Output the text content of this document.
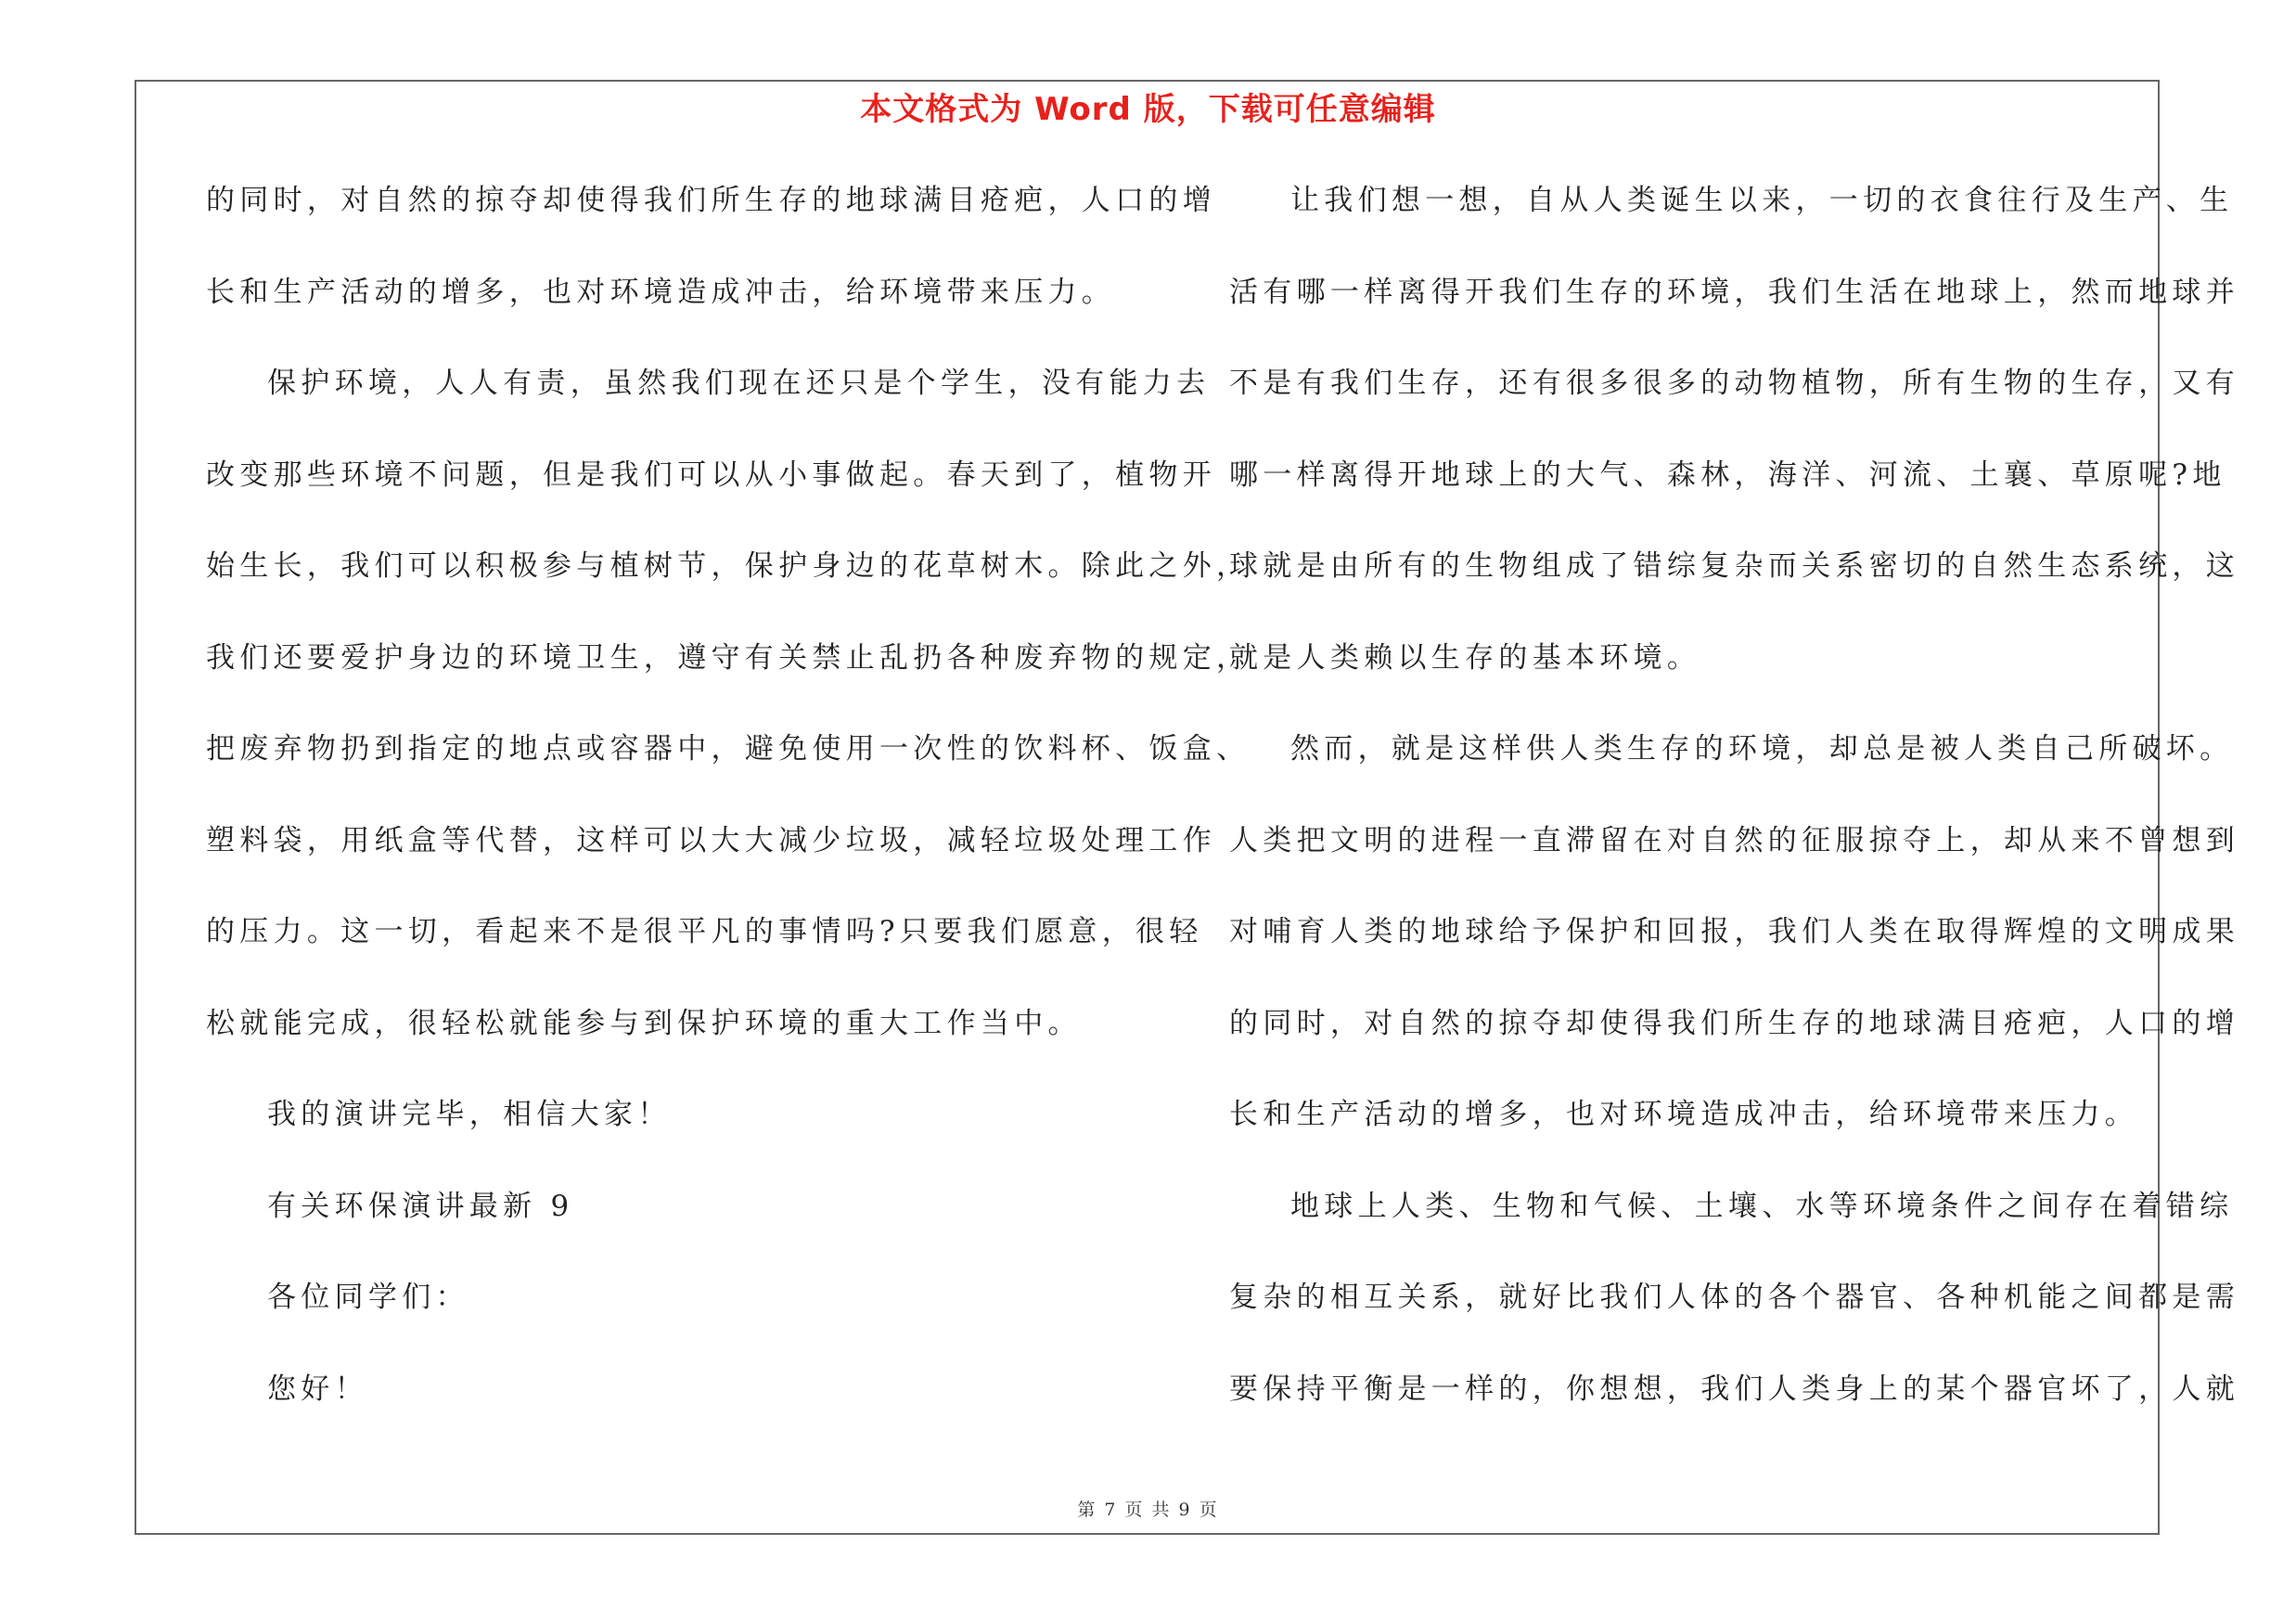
本文格式为 Word 版，下载可任意编辑
的同时，对自然的掠夺却使得我们所生存的地球满目疮疤，人口的增
长和生产活动的增多，也对环境造成冲击，给环境带来压力。
保护环境，人人有责，虽然我们现在还只是个学生，没有能力去
改变那些环境不问题，但是我们可以从小事做起。春天到了，植物开
始生长，我们可以积极参与植树节，保护身边的花草树木。除此之外，
我们还要爱护身边的环境卫生，遵守有关禁止乱扔各种废弃物的规定，
把废弃物扔到指定的地点或容器中，避免使用一次性的饮料杯、饭盒、
塑料袋，用纸盒等代替，这样可以大大减少垃圾，减轻垃圾处理工作
的压力。这一切，看起来不是很平凡的事情吗?只要我们愿意，很轻
松就能完成，很轻松就能参与到保护环境的重大工作当中。
我的演讲完毕，相信大家！
有关环保演讲最新 9
各位同学们：
您好！
让我们想一想，自从人类诞生以来，一切的衣食往行及生产、生
活有哪一样离得开我们生存的环境，我们生活在地球上，然而地球并
不是有我们生存，还有很多很多的动物植物，所有生物的生存，又有
哪一样离得开地球上的大气、森林，海洋、河流、土襄、草原呢?地
球就是由所有的生物组成了错综复杂而关系密切的自然生态系统，这
就是人类赖以生存的基本环境。
然而，就是这样供人类生存的环境，却总是被人类自己所破坏。
人类把文明的进程一直滞留在对自然的征服掠夺上，却从来不曾想到
对哺育人类的地球给予保护和回报，我们人类在取得辉煌的文明成果
的同时，对自然的掠夺却使得我们所生存的地球满目疮疤，人口的增
长和生产活动的增多，也对环境造成冲击，给环境带来压力。
地球上人类、生物和气候、土壤、水等环境条件之间存在着错综
复杂的相互关系，就好比我们人体的各个器官、各种机能之间都是需
要保持平衡是一样的，你想想，我们人类身上的某个器官坏了，人就
第 7 页 共 9 页
